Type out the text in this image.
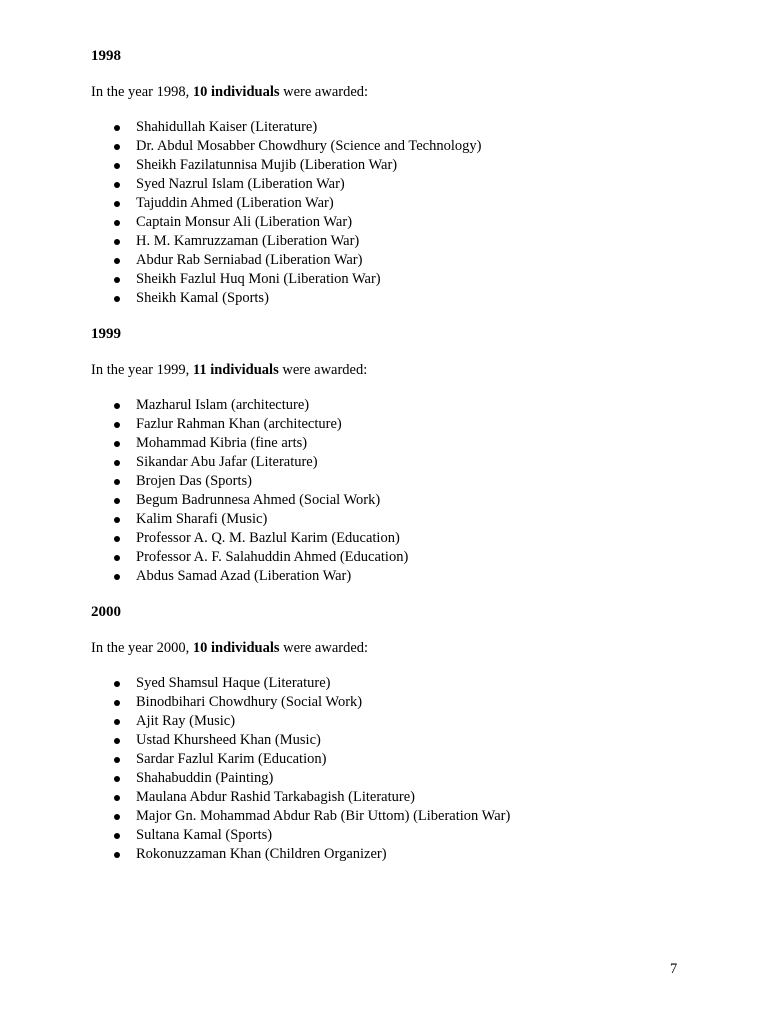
1998
In the year 1998, 10 individuals were awarded:
Shahidullah Kaiser (Literature)
Dr. Abdul Mosabber Chowdhury (Science and Technology)
Sheikh Fazilatunnisa Mujib (Liberation War)
Syed Nazrul Islam (Liberation War)
Tajuddin Ahmed (Liberation War)
Captain Monsur Ali (Liberation War)
H. M. Kamruzzaman (Liberation War)
Abdur Rab Serniabad (Liberation War)
Sheikh Fazlul Huq Moni (Liberation War)
Sheikh Kamal (Sports)
1999
In the year 1999, 11 individuals were awarded:
Mazharul Islam (architecture)
Fazlur Rahman Khan (architecture)
Mohammad Kibria (fine arts)
Sikandar Abu Jafar (Literature)
Brojen Das (Sports)
Begum Badrunnesa Ahmed (Social Work)
Kalim Sharafi (Music)
Professor A. Q. M. Bazlul Karim (Education)
Professor A. F. Salahuddin Ahmed (Education)
Abdus Samad Azad (Liberation War)
2000
In the year 2000, 10 individuals were awarded:
Syed Shamsul Haque (Literature)
Binodbihari Chowdhury (Social Work)
Ajit Ray (Music)
Ustad Khursheed Khan (Music)
Sardar Fazlul Karim (Education)
Shahabuddin (Painting)
Maulana Abdur Rashid Tarkabagish (Literature)
Major Gn. Mohammad Abdur Rab (Bir Uttom) (Liberation War)
Sultana Kamal (Sports)
Rokonuzzaman Khan (Children Organizer)
7
